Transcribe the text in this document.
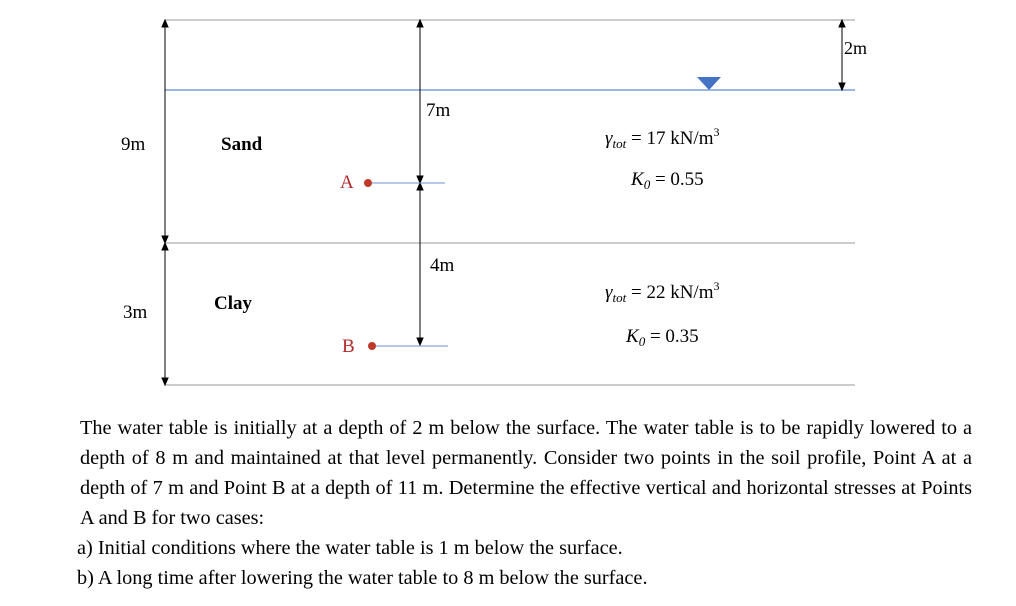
9m
3m
7m
4m
2m
Sand
Clay
A
B
$\gamma_{tot} = 17$ $kN/m^3$
$K_0 = 0.55$
$\gamma_{tot} = 22$ $kN/m^3$
$K_0 = 0.35$

The water table is initially at a depth of 2 m below the surface. The water table is to be rapidly lowered to a depth of 8 m and maintained at that level permanently. Consider two points in the soil profile, Point A at a depth of 7 m and Point B at a depth of 11 m. Determine the effective vertical and horizontal stresses at Points A and B for two cases:

a) Initial conditions where the water table is 1 m below the surface.

b) A long time after lowering the water table to 8 m below the surface.
